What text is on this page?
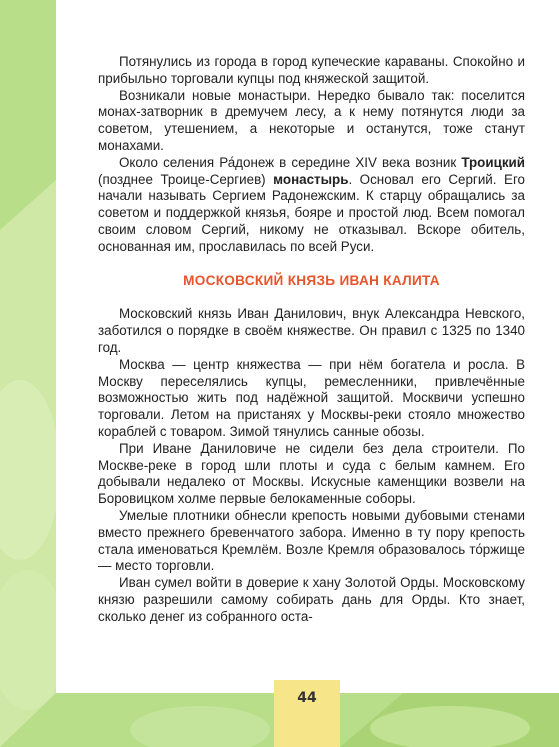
Потянулись из города в город купеческие караваны. Спокойно и прибыльно торговали купцы под княжеской защитой.

Возникали новые монастыри. Нередко бывало так: поселится монах-затворник в дремучем лесу, а к нему потянутся люди за советом, утешением, а некоторые и останутся, тоже станут монахами.

Около селения Ра́донеж в середине XIV века возник Троицкий (позднее Троице-Сергиев) монастырь. Основал его Сергий. Его начали называть Сергием Радонежским. К старцу обращались за советом и поддержкой князья, бояре и простой люд. Всем помогал своим словом Сергий, никому не отказывал. Вскоре обитель, основанная им, прославилась по всей Руси.

МОСКОВСКИЙ КНЯЗЬ ИВАН КАЛИТА

Московский князь Иван Данилович, внук Александра Невского, заботился о порядке в своём княжестве. Он правил с 1325 по 1340 год.

Москва — центр княжества — при нём богатела и росла. В Москву переселялись купцы, ремесленники, привлечённые возможностью жить под надёжной защитой. Москвичи успешно торговали. Летом на пристанях у Москвы-реки стояло множество кораблей с товаром. Зимой тянулись санные обозы.

При Иване Даниловиче не сидели без дела строители. По Москве-реке в город шли плоты и суда с белым камнем. Его добывали недалеко от Москвы. Искусные каменщики возвели на Боровицком холме первые белокаменные соборы.

Умелые плотники обнесли крепость новыми дубовыми стенами вместо прежнего бревенчатого забора. Именно в ту пору крепость стала именоваться Кремлём. Возле Кремля образовалось то́ржище — место торговли.

Иван сумел войти в доверие к хану Золотой Орды. Московскому князю разрешили самому собирать дань для Орды. Кто знает, сколько денег из собранного оста-

44
